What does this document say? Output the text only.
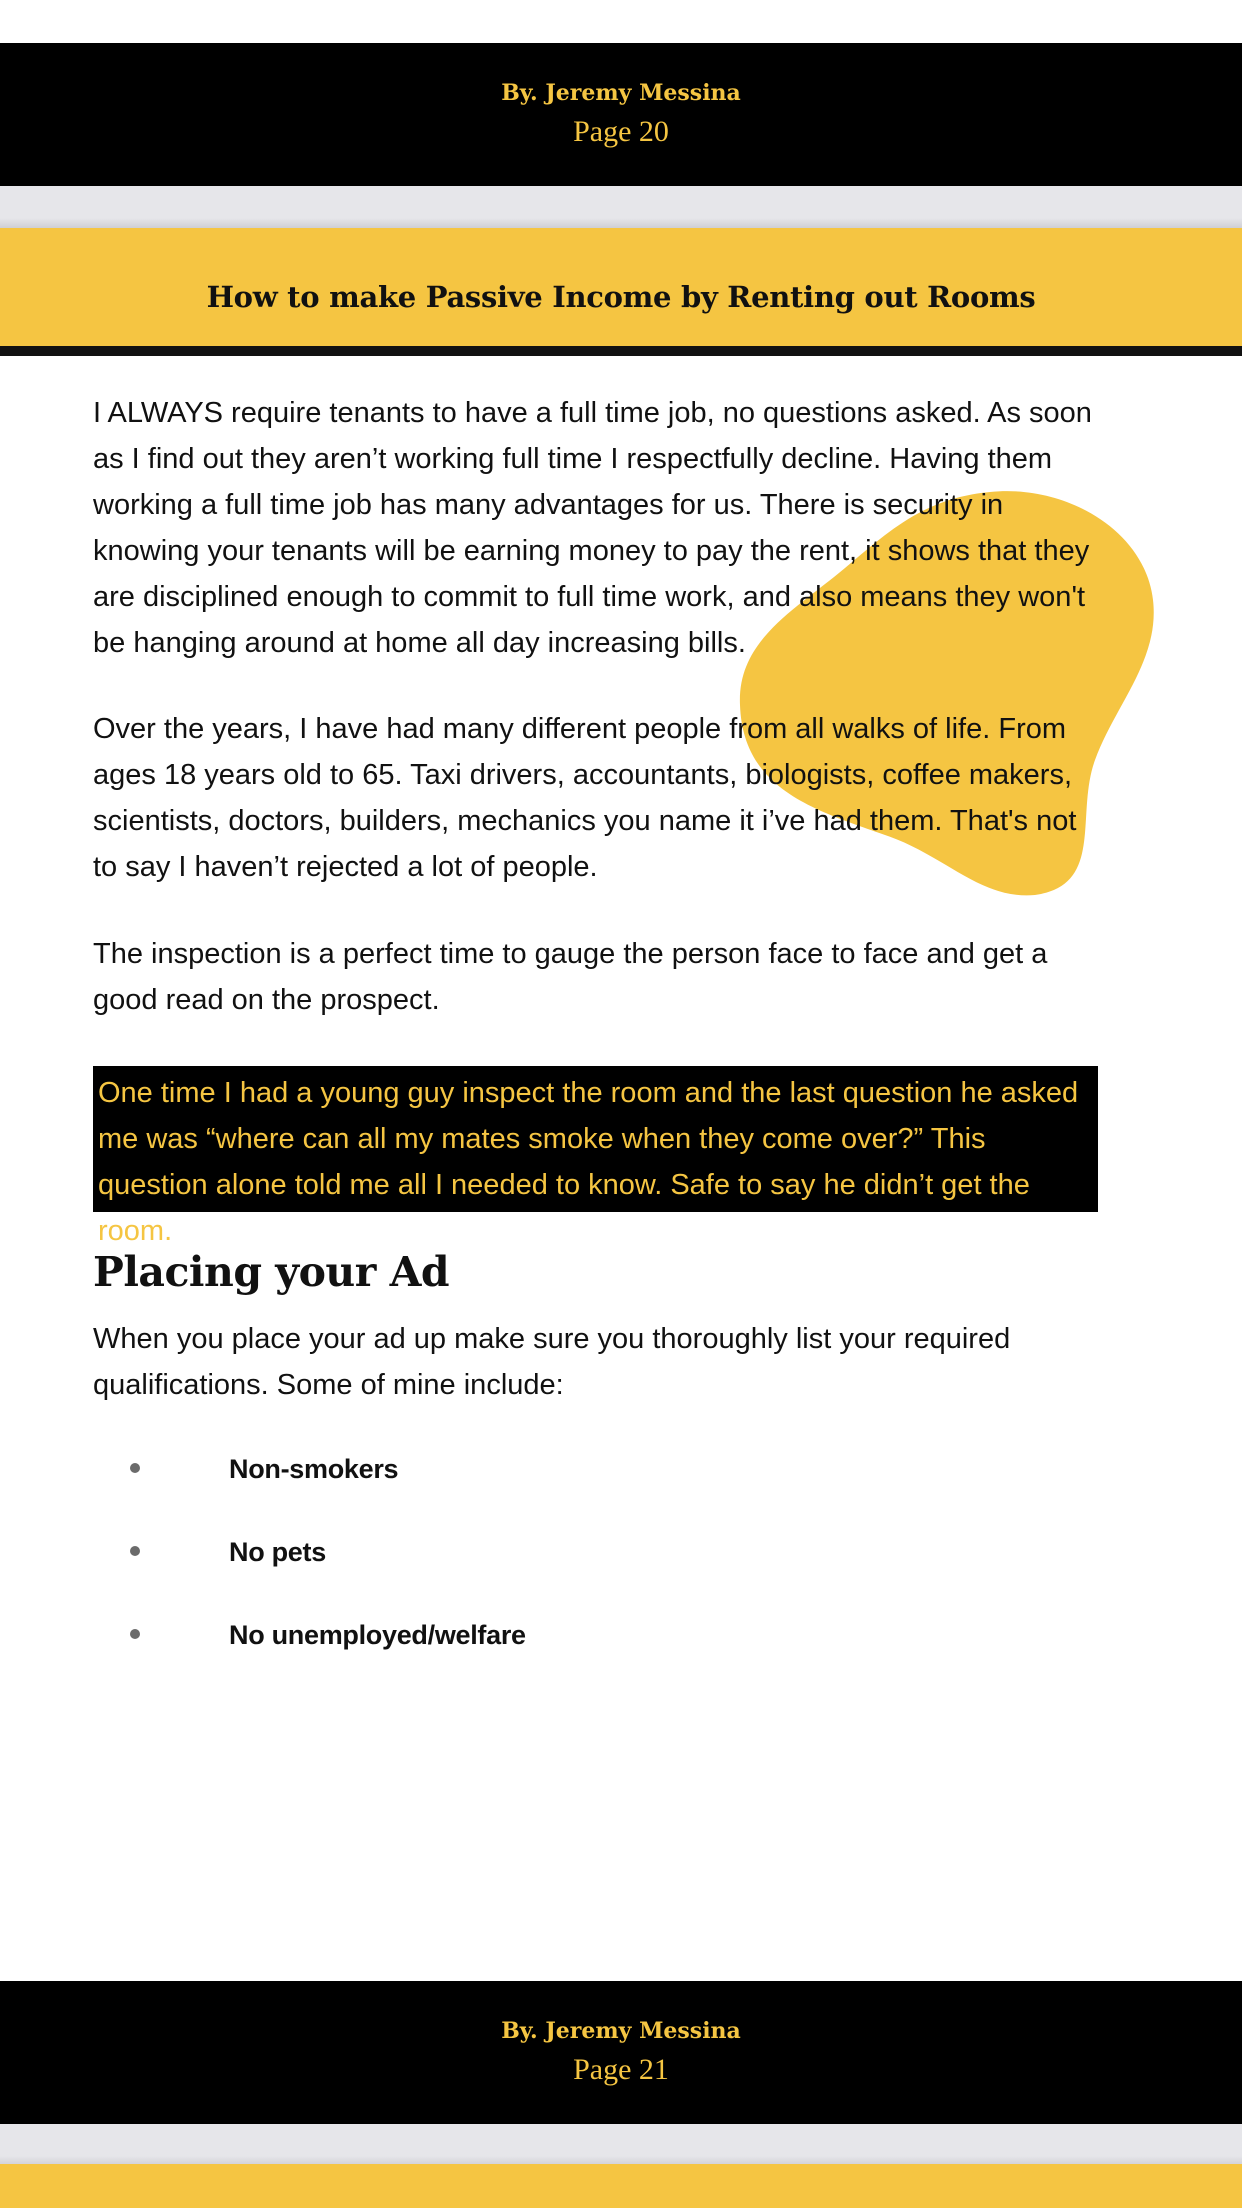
By. Jeremy Messina
Page 20
How to make Passive Income by Renting out Rooms
I ALWAYS require tenants to have a full time job, no questions asked. As soon as I find out they aren’t working full time I respectfully decline. Having them working a full time job has many advantages for us. There is security in knowing your tenants will be earning money to pay the rent, it shows that they are disciplined enough to commit to full time work, and also means they won't be hanging around at home all day increasing bills.
Over the years, I have had many different people from all walks of life. From ages 18 years old to 65. Taxi drivers, accountants, biologists, coffee makers, scientists, doctors, builders, mechanics you name it i’ve had them. That's not to say I haven’t rejected a lot of people.
The inspection is a perfect time to gauge the person face to face and get a good read on the prospect.
One time I had a young guy inspect the room and the last question he asked me was “where can all my mates smoke when they come over?” This question alone told me all I needed to know. Safe to say he didn’t get the room.
Placing your Ad
When you place your ad up make sure you thoroughly list your required qualifications. Some of mine include:
Non-smokers
No pets
No unemployed/welfare
By. Jeremy Messina
Page 21
